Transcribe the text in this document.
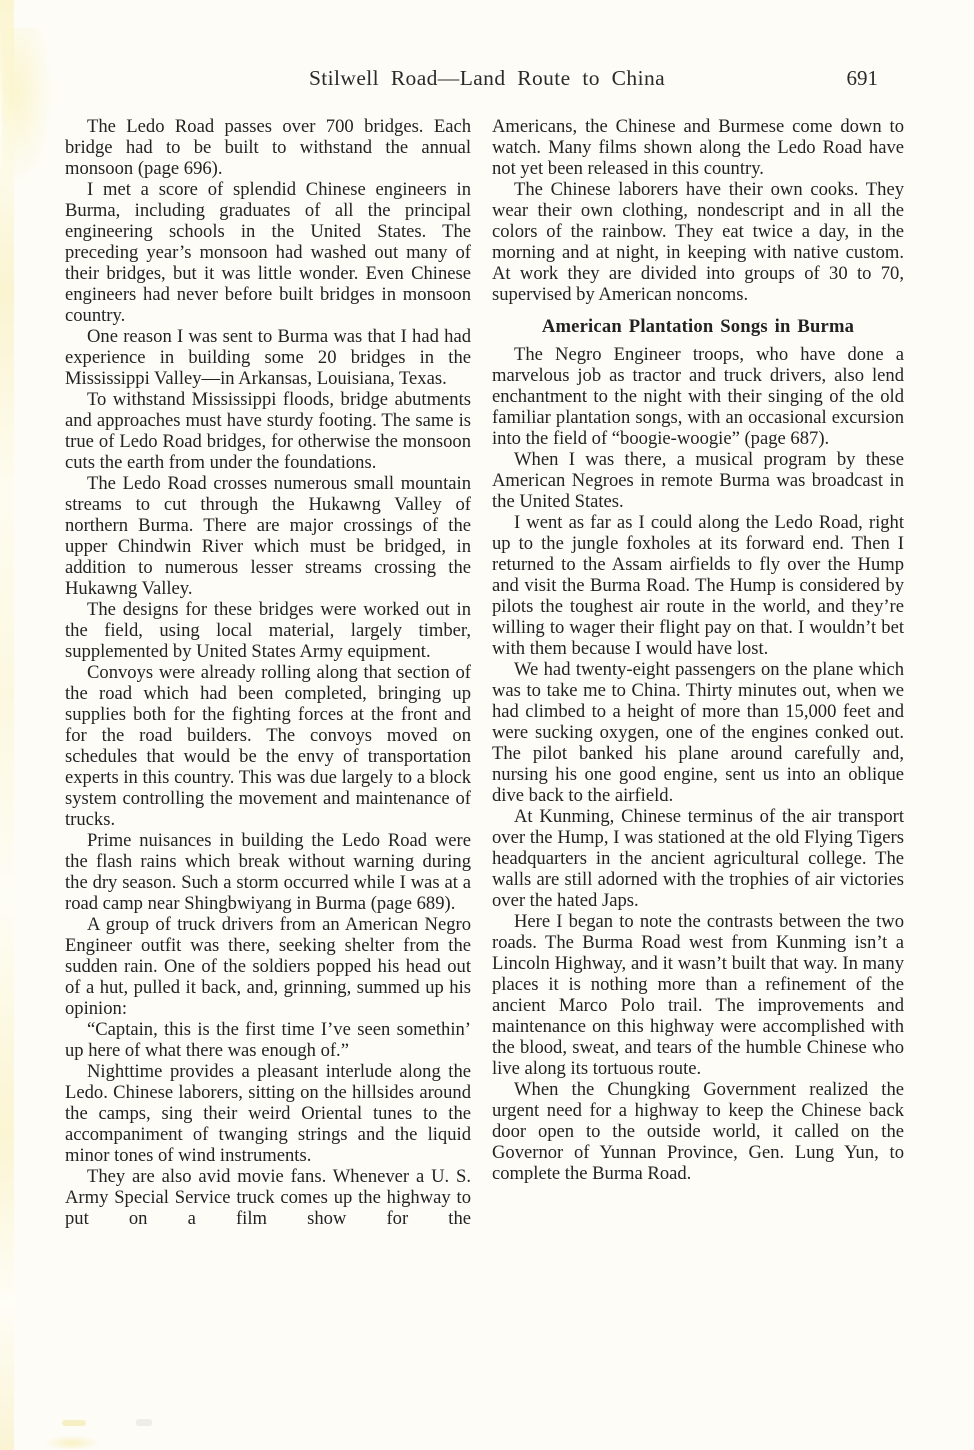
Stilwell Road—Land Route to China	691

The Ledo Road passes over 700 bridges. Each bridge had to be built to withstand the annual monsoon (page 696).

I met a score of splendid Chinese engineers in Burma, including graduates of all the principal engineering schools in the United States. The preceding year’s monsoon had washed out many of their bridges, but it was little wonder. Even Chinese engineers had never before built bridges in monsoon country.

One reason I was sent to Burma was that I had had experience in building some 20 bridges in the Mississippi Valley—in Arkansas, Louisiana, Texas.

To withstand Mississippi floods, bridge abutments and approaches must have sturdy footing. The same is true of Ledo Road bridges, for otherwise the monsoon cuts the earth from under the foundations.

The Ledo Road crosses numerous small mountain streams to cut through the Hukawng Valley of northern Burma. There are major crossings of the upper Chindwin River which must be bridged, in addition to numerous lesser streams crossing the Hukawng Valley.

The designs for these bridges were worked out in the field, using local material, largely timber, supplemented by United States Army equipment.

Convoys were already rolling along that section of the road which had been completed, bringing up supplies both for the fighting forces at the front and for the road builders. The convoys moved on schedules that would be the envy of transportation experts in this country. This was due largely to a block system controlling the movement and maintenance of trucks.

Prime nuisances in building the Ledo Road were the flash rains which break without warning during the dry season. Such a storm occurred while I was at a road camp near Shingbwiyang in Burma (page 689).

A group of truck drivers from an American Negro Engineer outfit was there, seeking shelter from the sudden rain. One of the soldiers popped his head out of a hut, pulled it back, and, grinning, summed up his opinion:

“Captain, this is the first time I’ve seen somethin’ up here of what there was enough of.”

Nighttime provides a pleasant interlude along the Ledo. Chinese laborers, sitting on the hillsides around the camps, sing their weird Oriental tunes to the accompaniment of twanging strings and the liquid minor tones of wind instruments.

They are also avid movie fans. Whenever a U. S. Army Special Service truck comes up the highway to put on a film show for the

Americans, the Chinese and Burmese come down to watch. Many films shown along the Ledo Road have not yet been released in this country.

The Chinese laborers have their own cooks. They wear their own clothing, nondescript and in all the colors of the rainbow. They eat twice a day, in the morning and at night, in keeping with native custom. At work they are divided into groups of 30 to 70, supervised by American noncoms.

American Plantation Songs in Burma

The Negro Engineer troops, who have done a marvelous job as tractor and truck drivers, also lend enchantment to the night with their singing of the old familiar plantation songs, with an occasional excursion into the field of “boogie-woogie” (page 687).

When I was there, a musical program by these American Negroes in remote Burma was broadcast in the United States.

I went as far as I could along the Ledo Road, right up to the jungle foxholes at its forward end. Then I returned to the Assam airfields to fly over the Hump and visit the Burma Road. The Hump is considered by pilots the toughest air route in the world, and they’re willing to wager their flight pay on that. I wouldn’t bet with them because I would have lost.

We had twenty-eight passengers on the plane which was to take me to China. Thirty minutes out, when we had climbed to a height of more than 15,000 feet and were sucking oxygen, one of the engines conked out. The pilot banked his plane around carefully and, nursing his one good engine, sent us into an oblique dive back to the airfield.

At Kunming, Chinese terminus of the air transport over the Hump, I was stationed at the old Flying Tigers headquarters in the ancient agricultural college. The walls are still adorned with the trophies of air victories over the hated Japs.

Here I began to note the contrasts between the two roads. The Burma Road west from Kunming isn’t a Lincoln Highway, and it wasn’t built that way. In many places it is nothing more than a refinement of the ancient Marco Polo trail. The improvements and maintenance on this highway were accomplished with the blood, sweat, and tears of the humble Chinese who live along its tortuous route.

When the Chungking Government realized the urgent need for a highway to keep the Chinese back door open to the outside world, it called on the Governor of Yunnan Province, Gen. Lung Yun, to complete the Burma Road.
